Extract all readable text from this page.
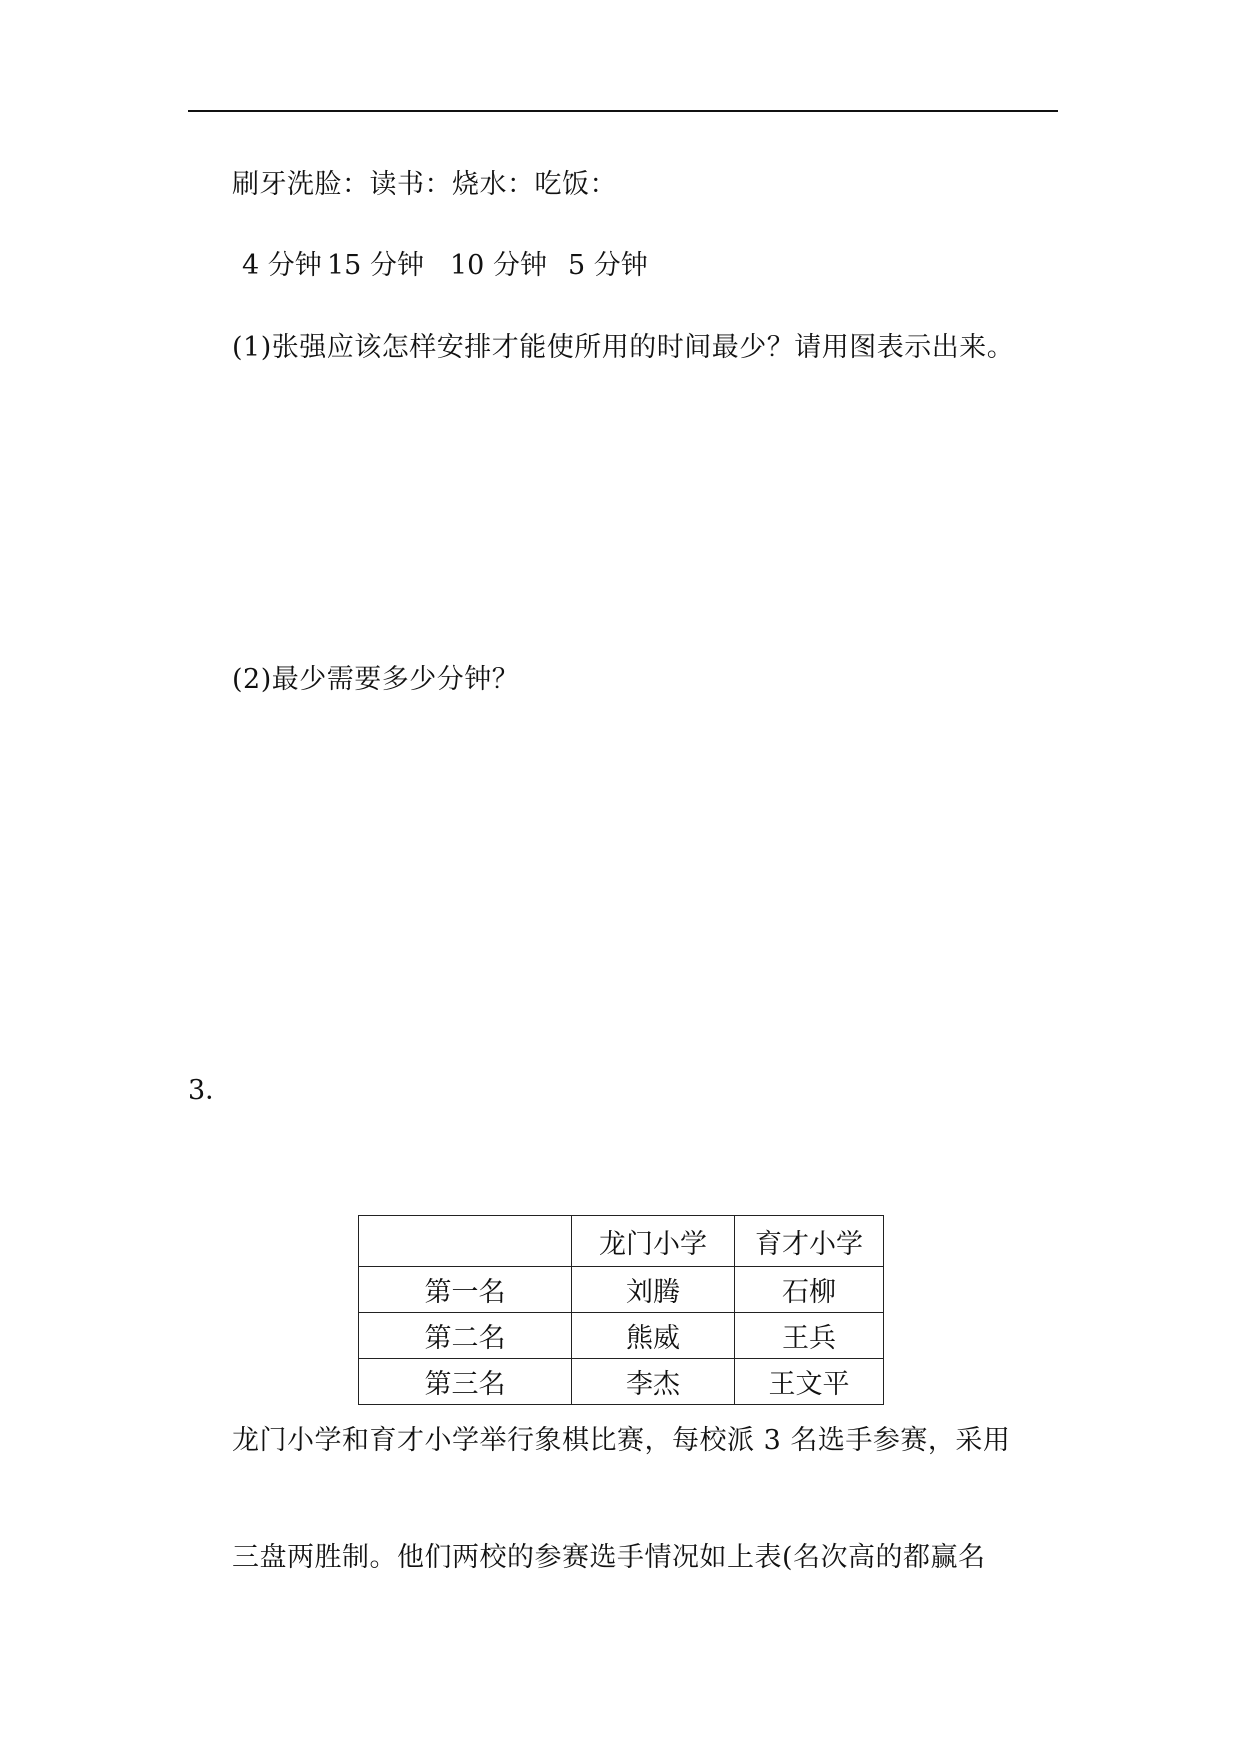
刷牙洗脸：读书：烧水：吃饭：
4 分钟 15 分钟 10 分钟 5 分钟
(1)张强应该怎样安排才能使所用的时间最少？请用图表示出来。
(2)最少需要多少分钟？
3．
	龙门小学	育才小学
第一名	刘腾	石柳
第二名	熊威	王兵
第三名	李杰	王文平
龙门小学和育才小学举行象棋比赛，每校派 3 名选手参赛，采用
三盘两胜制。他们两校的参赛选手情况如上表(名次高的都赢名
